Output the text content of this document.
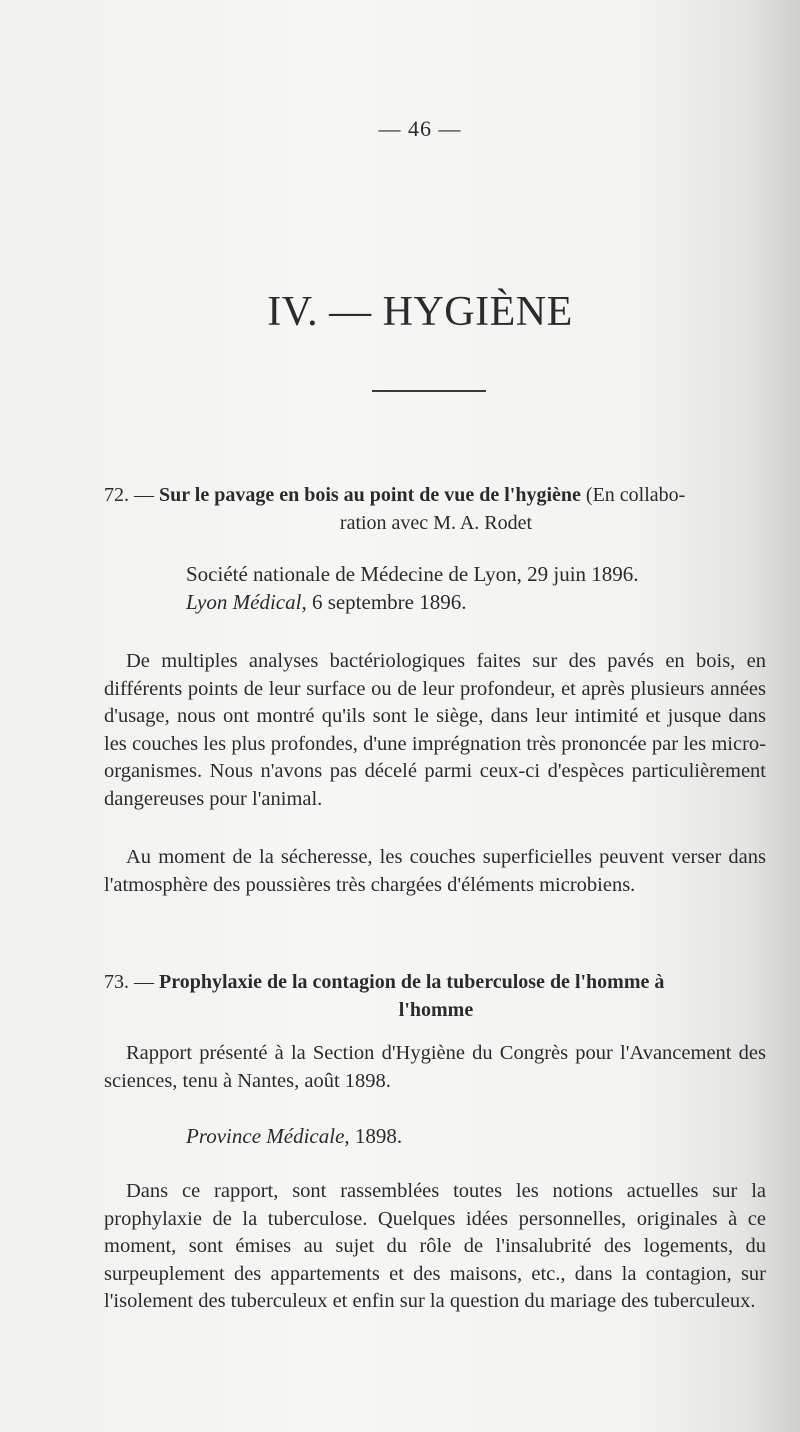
— 46 —
IV. — HYGIÈNE
72. — Sur le pavage en bois au point de vue de l'hygiène (En collabo-
ration avec M. A. Rodet
Société nationale de Médecine de Lyon, 29 juin 1896.
Lyon Médical, 6 septembre 1896.

De multiples analyses bactériologiques faites sur des pavés en bois, en différents points de leur surface ou de leur profondeur, et après plusieurs années d'usage, nous ont montré qu'ils sont le siège, dans leur intimité et jusque dans les couches les plus profondes, d'une imprégnation très prononcée par les micro-organismes. Nous n'avons pas décelé parmi ceux-ci d'espèces particulièrement dangereuses pour l'animal.

Au moment de la sécheresse, les couches superficielles peuvent verser dans l'atmosphère des poussières très chargées d'éléments microbiens.

73. — Prophylaxie de la contagion de la tuberculose de l'homme à
l'homme

Rapport présenté à la Section d'Hygiène du Congrès pour l'Avancement des sciences, tenu à Nantes, août 1898.

Province Médicale, 1898.

Dans ce rapport, sont rassemblées toutes les notions actuelles sur la prophylaxie de la tuberculose. Quelques idées personnelles, originales à ce moment, sont émises au sujet du rôle de l'insalubrité des logements, du surpeuplement des appartements et des maisons, etc., dans la contagion, sur l'isolement des tuberculeux et enfin sur la question du mariage des tuberculeux.
